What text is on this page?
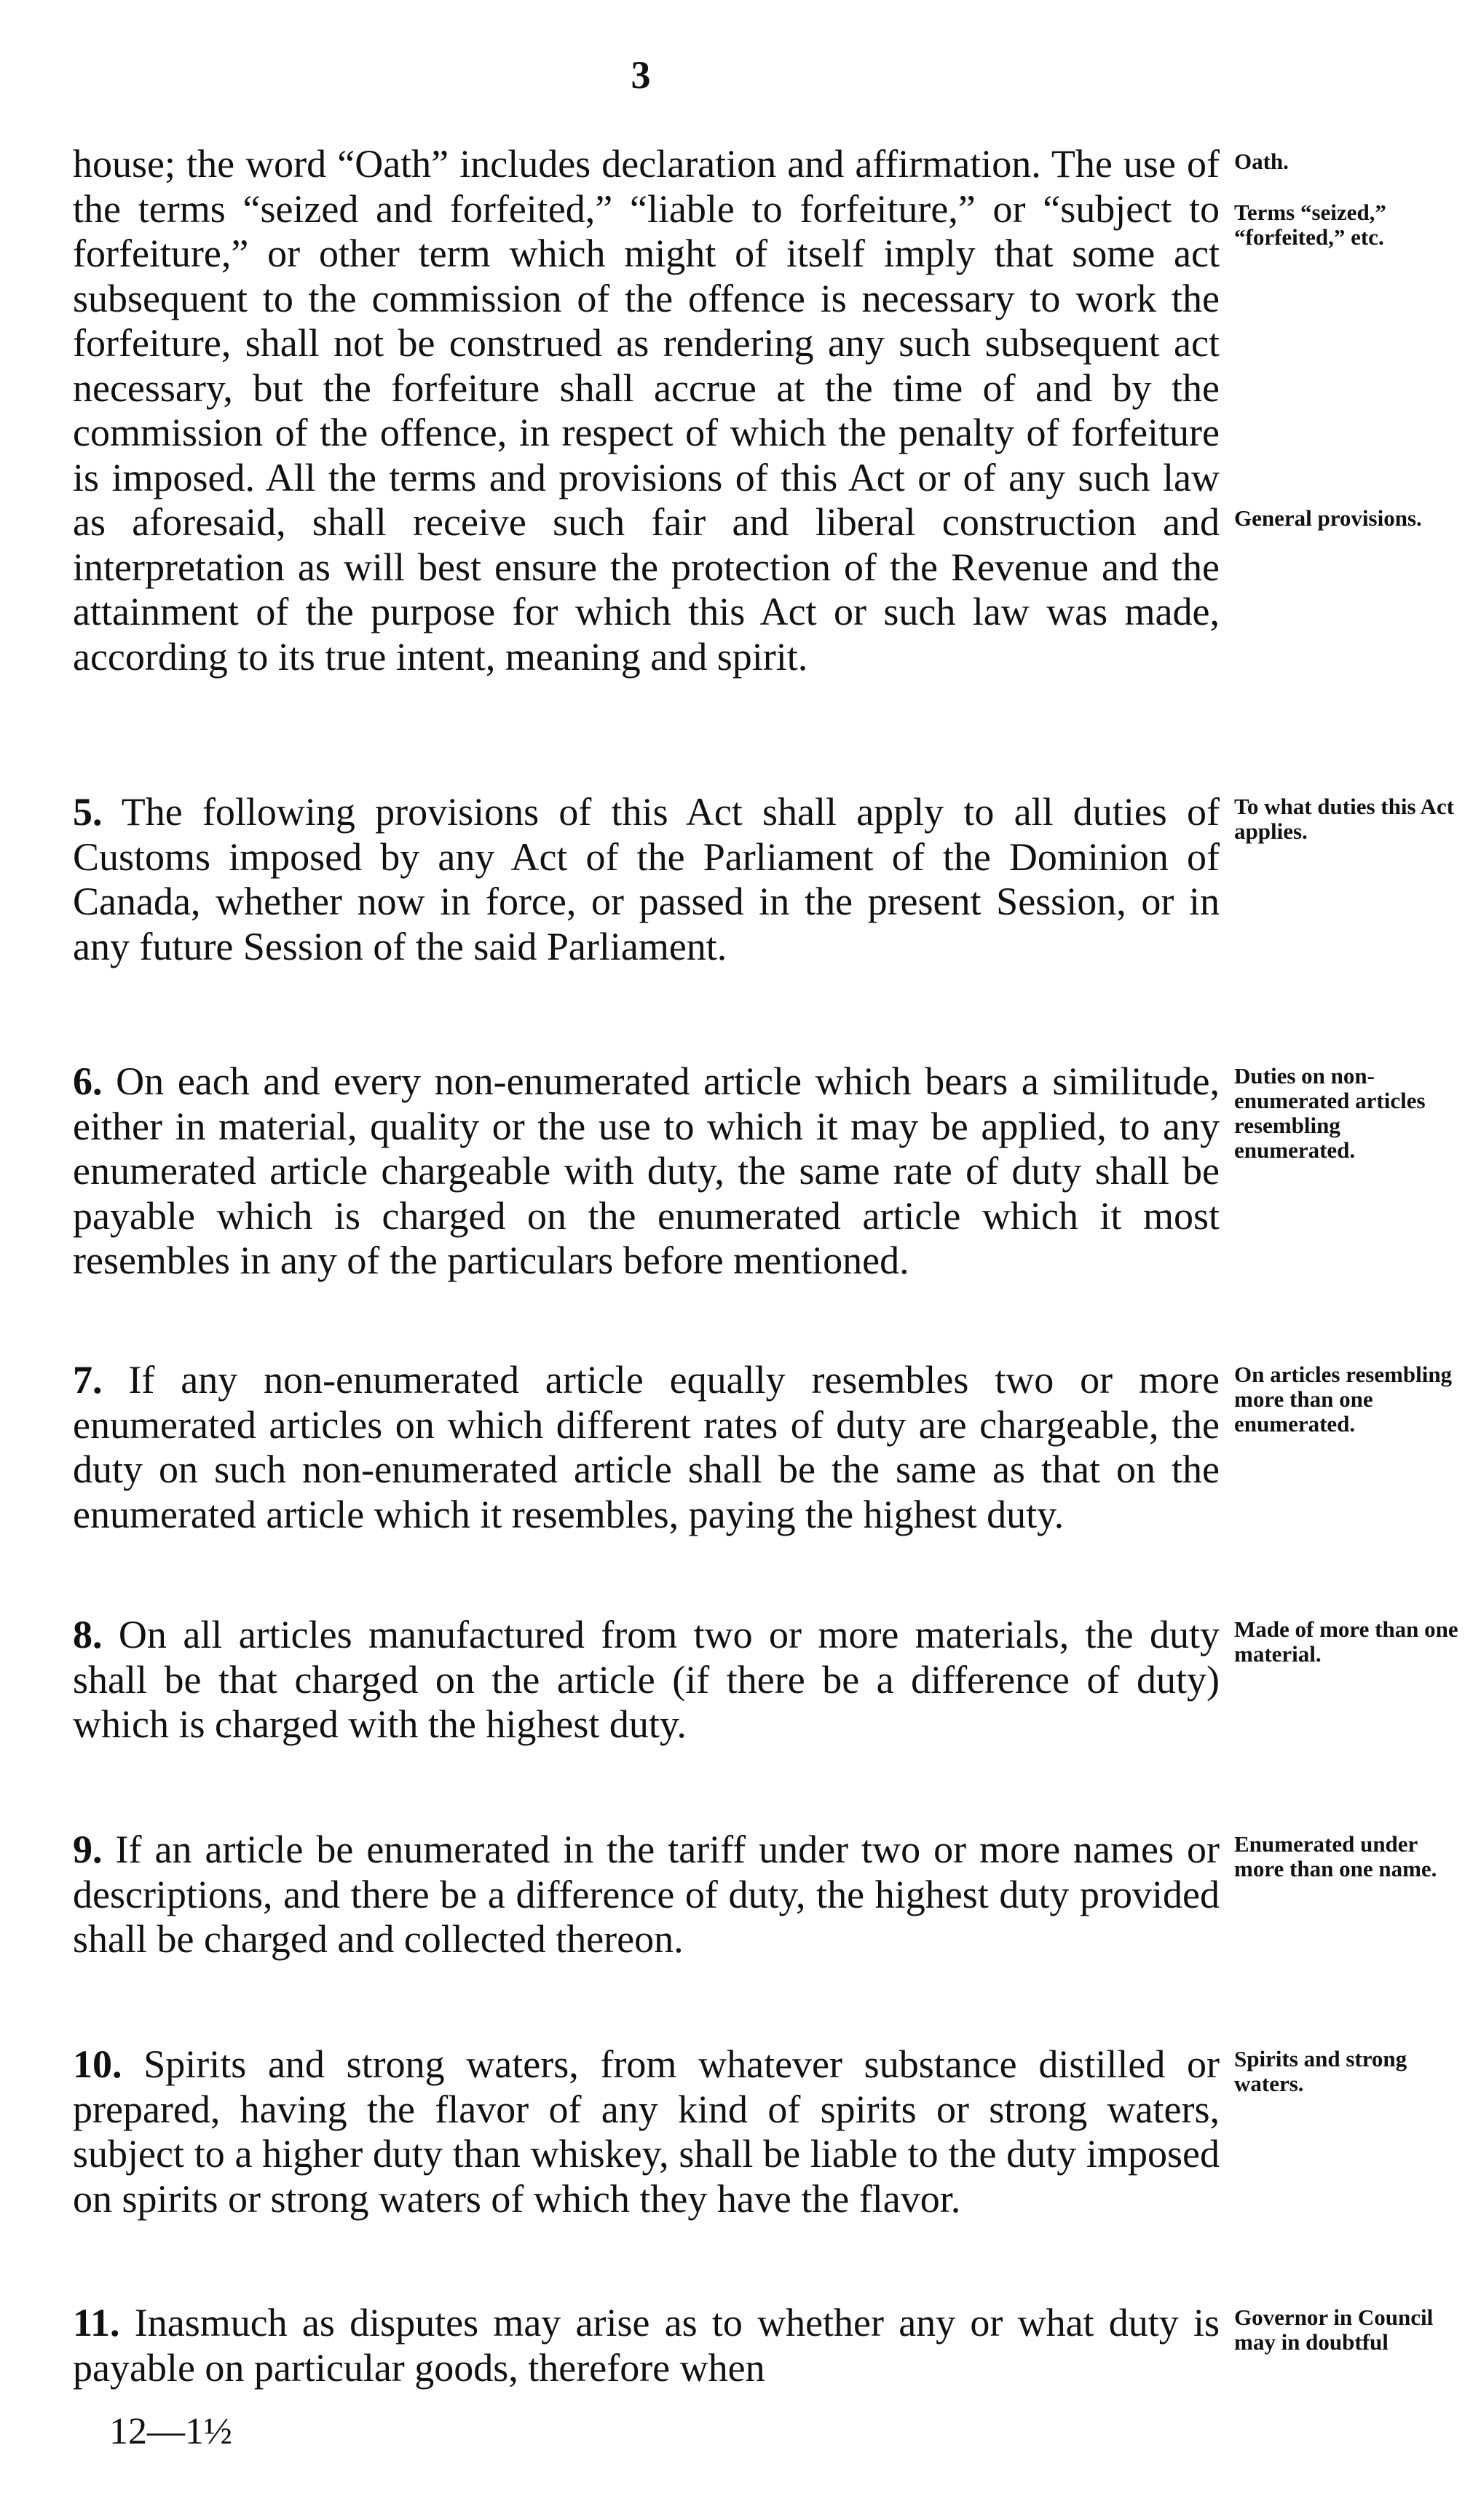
3

house; the word “Oath” includes declaration and affirmation. The use of the terms “seized and forfeited,” “liable to forfeiture,” or “subject to forfeiture,” or other term which might of itself imply that some act subsequent to the commission of the offence is necessary to work the forfeiture, shall not be construed as rendering any such subsequent act necessary, but the forfeiture shall accrue at the time of and by the commission of the offence, in respect of which the penalty of forfeiture is imposed. All the terms and provisions of this Act or of any such law as aforesaid, shall receive such fair and liberal construction and interpretation as will best ensure the protection of the Revenue and the attainment of the purpose for which this Act or such law was made, according to its true intent, meaning and spirit.

Oath.
Terms “seized,” “forfeited,” etc.
General provisions.

5. The following provisions of this Act shall apply to all duties of Customs imposed by any Act of the Parliament of the Dominion of Canada, whether now in force, or passed in the present Session, or in any future Session of the said Parliament.

To what duties this Act applies.

6. On each and every non-enumerated article which bears a similitude, either in material, quality or the use to which it may be applied, to any enumerated article chargeable with duty, the same rate of duty shall be payable which is charged on the enumerated article which it most resembles in any of the particulars before mentioned.

Duties on non-enumerated articles resembling enumerated.

7. If any non-enumerated article equally resembles two or more enumerated articles on which different rates of duty are chargeable, the duty on such non-enumerated article shall be the same as that on the enumerated article which it resembles, paying the highest duty.

On articles resembling more than one enumerated.

8. On all articles manufactured from two or more materials, the duty shall be that charged on the article (if there be a difference of duty) which is charged with the highest duty.

Made of more than one material.

9. If an article be enumerated in the tariff under two or more names or descriptions, and there be a difference of duty, the highest duty provided shall be charged and collected thereon.

Enumerated under more than one name.

10. Spirits and strong waters, from whatever substance distilled or prepared, having the flavor of any kind of spirits or strong waters, subject to a higher duty than whiskey, shall be liable to the duty imposed on spirits or strong waters of which they have the flavor.

Spirits and strong waters.

11. Inasmuch as disputes may arise as to whether any or what duty is payable on particular goods, therefore when

Governor in Council may in doubtful
12—1½
